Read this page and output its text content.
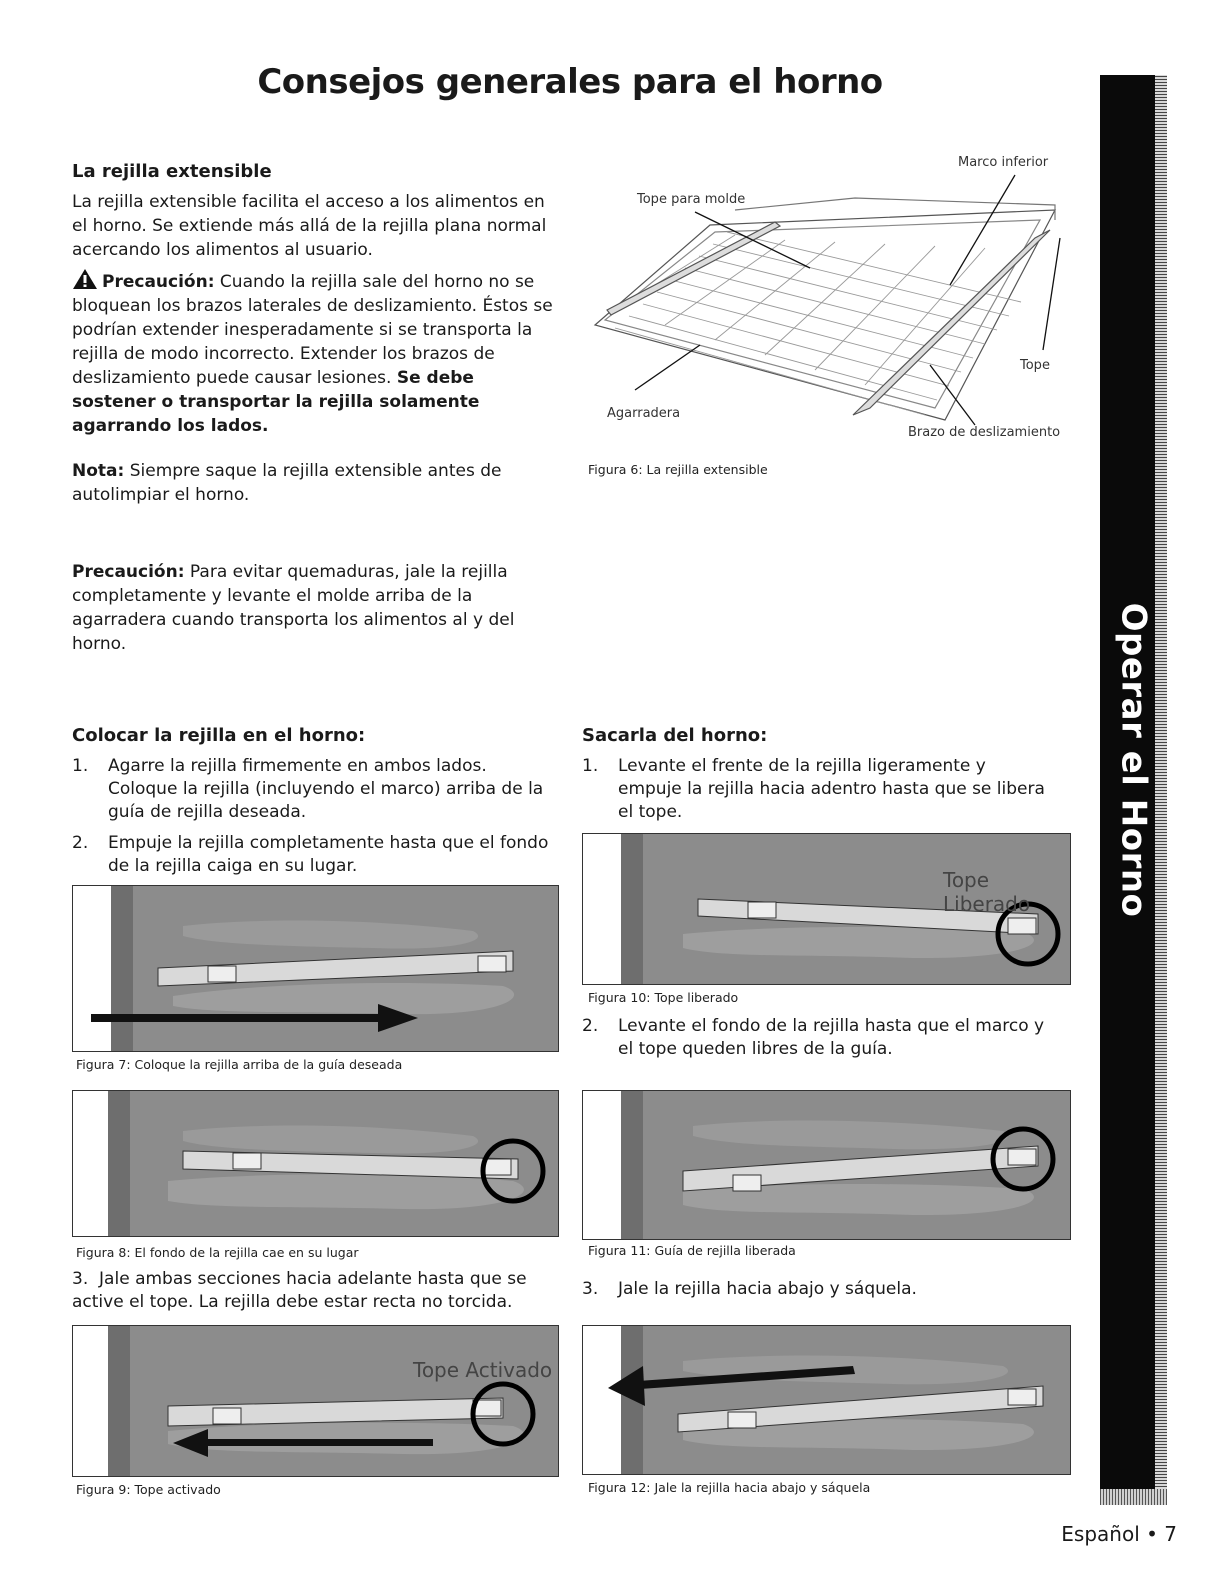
Consejos generales para el horno
Operar el Horno
La rejilla extensible
La rejilla extensible facilita el acceso a los alimentos en el horno. Se extiende más allá de la rejilla plana normal acercando los alimentos al usuario.
Precaución: Cuando la rejilla sale del horno no se bloquean los brazos laterales de deslizamiento. Éstos se podrían extender inesperadamente si se transporta la rejilla de modo incorrecto. Extender los brazos de deslizamiento puede causar lesiones. Se debe sostener o transportar la rejilla solamente agarrando los lados.
Nota: Siempre saque la rejilla extensible antes de autolimpiar el horno.
Precaución: Para evitar quemaduras, jale la rejilla completamente y levante el molde arriba de la agarradera cuando transporta los alimentos al y del horno.
Marco inferior
Tope para molde
Tope
Agarradera
Brazo de deslizamiento
Figura 6: La rejilla extensible
Colocar la rejilla en el horno:
1. Agarre la rejilla firmemente en ambos lados. Coloque la rejilla (incluyendo el marco) arriba de la guía de rejilla deseada.
2. Empuje la rejilla completamente hasta que el fondo de la rejilla caiga en su lugar.
Figura 7: Coloque la rejilla arriba de la guía deseada
Figura 8: El fondo de la rejilla cae en su lugar
3. Jale ambas secciones hacia adelante hasta que se active el tope. La rejilla debe estar recta no torcida.
Tope Activado
Figura 9: Tope activado
Sacarla del horno:
1.	Levante el frente de la rejilla ligeramente y empuje la rejilla hacia adentro hasta que se libera el tope.
Tope Liberado
Figura 10: Tope liberado
2.	Levante el fondo de la rejilla hasta que el marco y el tope queden libres de la guía.
Figura 11: Guía de rejilla liberada
3.	Jale la rejilla hacia abajo y sáquela.
Figura 12: Jale la rejilla hacia abajo y sáquela
Español • 7
